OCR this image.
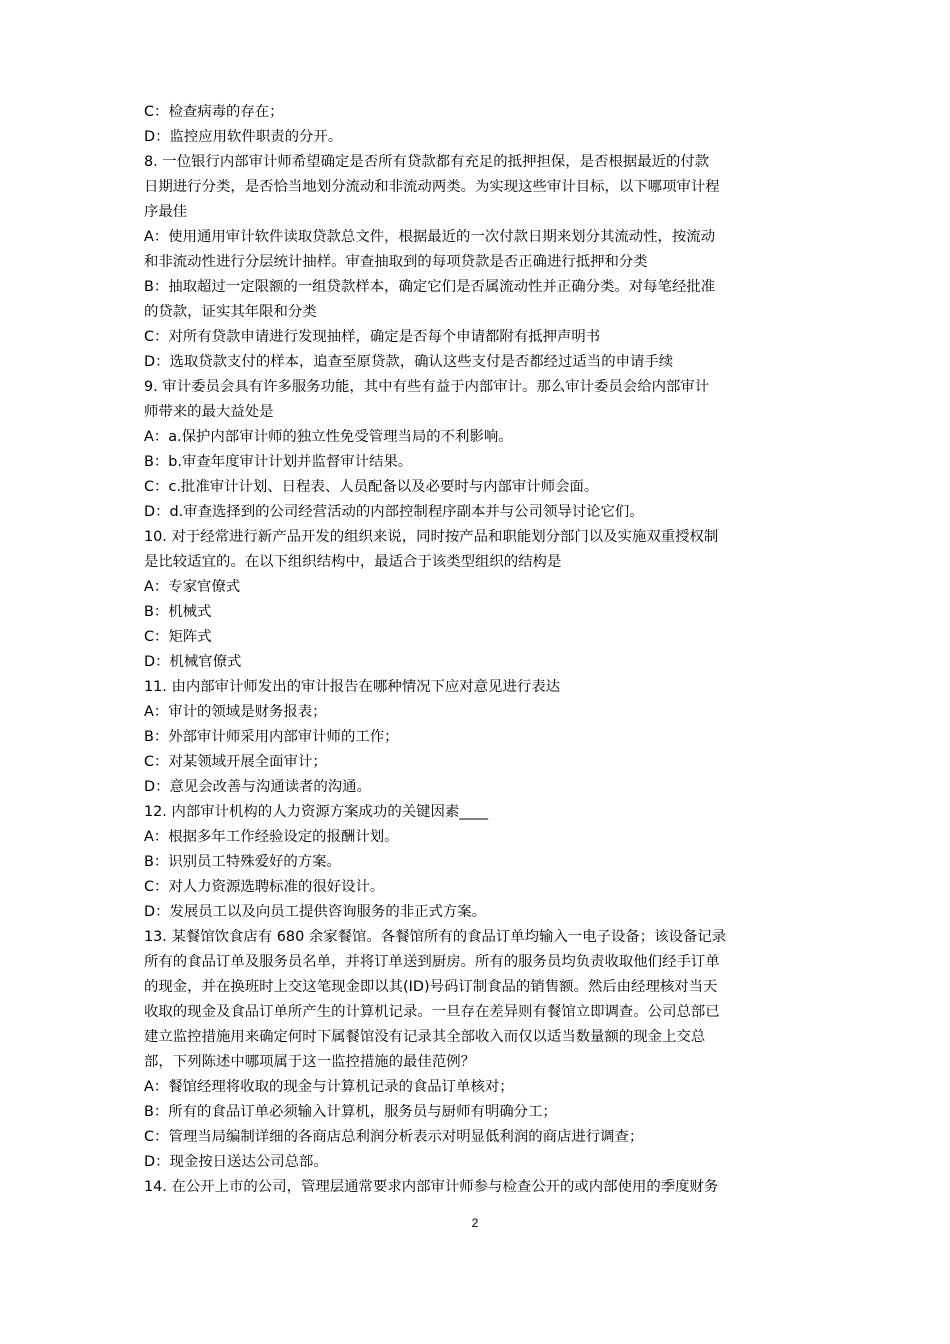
C：检查病毒的存在；
D：监控应用软件职责的分开。
8. 一位银行内部审计师希望确定是否所有贷款都有充足的抵押担保，是否根据最近的付款
日期进行分类，是否恰当地划分流动和非流动两类。为实现这些审计目标，以下哪项审计程
序最佳
A：使用通用审计软件读取贷款总文件，根据最近的一次付款日期来划分其流动性，按流动
和非流动性进行分层统计抽样。审查抽取到的每项贷款是否正确进行抵押和分类
B：抽取超过一定限额的一组贷款样本，确定它们是否属流动性并正确分类。对每笔经批准
的贷款，证实其年限和分类
C：对所有贷款申请进行发现抽样，确定是否每个申请都附有抵押声明书
D：选取贷款支付的样本，追查至原贷款，确认这些支付是否都经过适当的申请手续
9. 审计委员会具有许多服务功能，其中有些有益于内部审计。那么审计委员会给内部审计
师带来的最大益处是
A：a.保护内部审计师的独立性免受管理当局的不利影响。
B：b.审查年度审计计划并监督审计结果。
C：c.批准审计计划、日程表、人员配备以及必要时与内部审计师会面。
D：d.审查选择到的公司经营活动的内部控制程序副本并与公司领导讨论它们。
10. 对于经常进行新产品开发的组织来说，同时按产品和职能划分部门以及实施双重授权制
是比较适宜的。在以下组织结构中，最适合于该类型组织的结构是
A：专家官僚式
B：机械式
C：矩阵式
D：机械官僚式
11. 由内部审计师发出的审计报告在哪种情况下应对意见进行表达
A：审计的领域是财务报表；
B：外部审计师采用内部审计师的工作；
C：对某领域开展全面审计；
D：意见会改善与沟通读者的沟通。
12. 内部审计机构的人力资源方案成功的关键因素____
A：根据多年工作经验设定的报酬计划。
B：识别员工特殊爱好的方案。
C：对人力资源选聘标准的很好设计。
D：发展员工以及向员工提供咨询服务的非正式方案。
13. 某餐馆饮食店有 680 余家餐馆。各餐馆所有的食品订单均输入一电子设备；该设备记录
所有的食品订单及服务员名单，并将订单送到厨房。所有的服务员均负责收取他们经手订单
的现金，并在换班时上交这笔现金即以其(ID)号码订制食品的销售额。然后由经理核对当天
收取的现金及食品订单所产生的计算机记录。一旦存在差异则有餐馆立即调查。公司总部已
建立监控措施用来确定何时下属餐馆没有记录其全部收入而仅以适当数量额的现金上交总
部，下列陈述中哪项属于这一监控措施的最佳范例？
A：餐馆经理将收取的现金与计算机记录的食品订单核对；
B：所有的食品订单必须输入计算机，服务员与厨师有明确分工；
C：管理当局编制详细的各商店总利润分析表示对明显低利润的商店进行调查；
D：现金按日送达公司总部。
14. 在公开上市的公司，管理层通常要求内部审计师参与检查公开的或内部使用的季度财务
2
